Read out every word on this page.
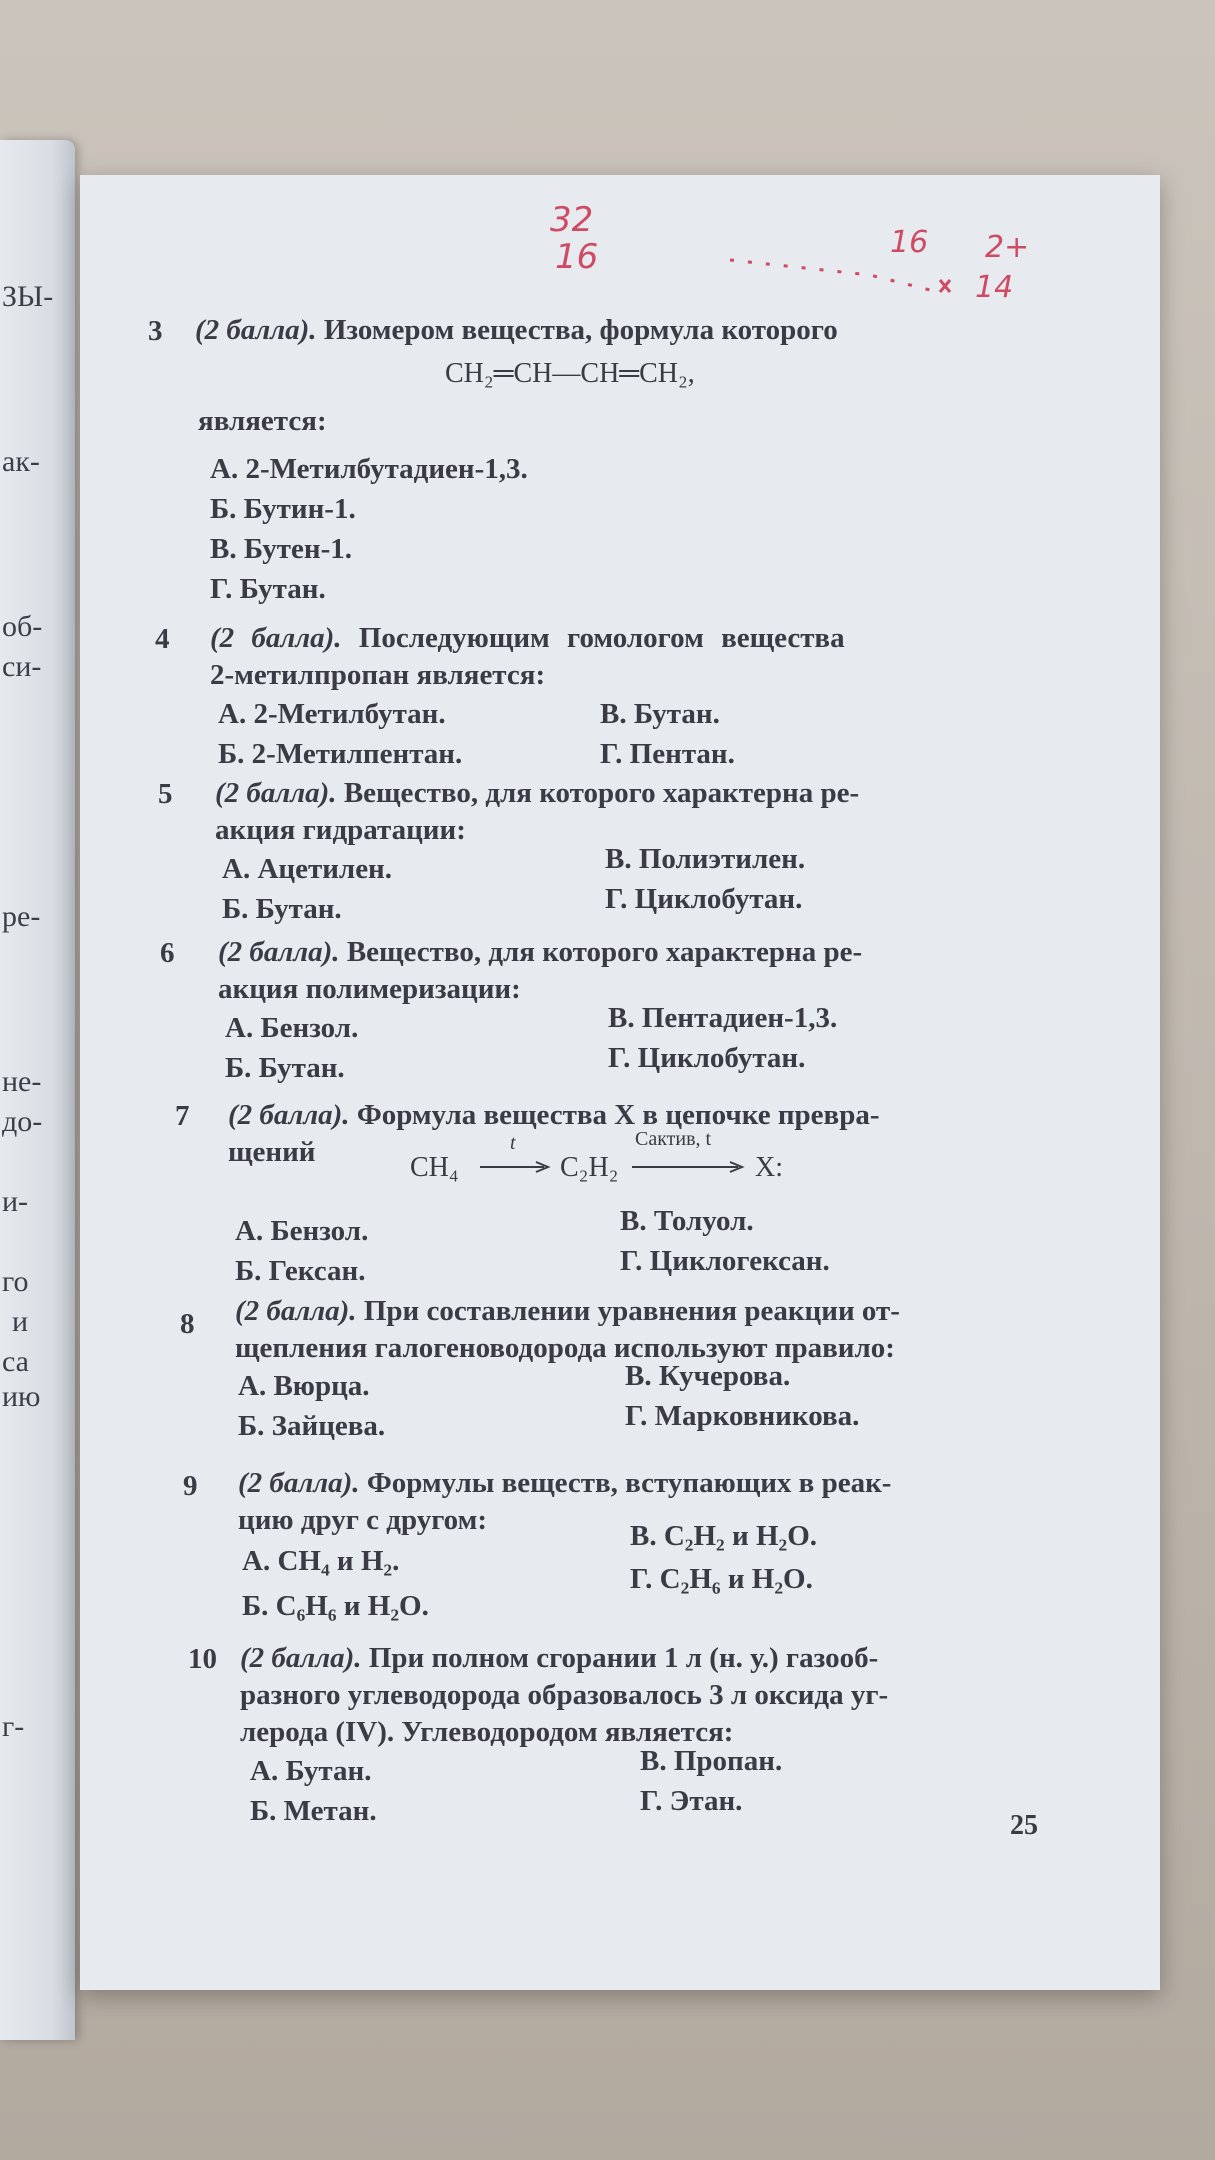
ЗЫ-
ак-
об-
си-
ре-
не-
до-
и-
го
и
са
ию
г-
32
16	16 2+
14
3 (2 балла). Изомером вещества, формула которого
CH₂═CH—CH═CH₂,
является:
А. 2-Метилбутадиен-1,3.
Б. Бутин-1.
В. Бутен-1.
Г. Бутан.
4 (2 балла). Последующим гомологом вещества
2-метилпропан является:
А. 2-Метилбутан.
Б. 2-Метилпентан.
В. Бутан.
Г. Пентан.
5 (2 балла). Вещество, для которого характерна ре-
акция гидратации:
А. Ацетилен.
Б. Бутан.
В. Полиэтилен.
Г. Циклобутан.
6 (2 балла). Вещество, для которого характерна ре-
акция полимеризации:
А. Бензол.
Б. Бутан.
В. Пентадиен-1,3.
Г. Циклобутан.
7 (2 балла). Формула вещества X в цепочке превра-
щений	CH₄
t
C₂H₂
Cактив, t
X:
А. Бензол.
Б. Гексан.
В. Толуол.
Г. Циклогексан.
8 (2 балла). При составлении уравнения реакции от-
щепления галогеноводорода используют правило:
А. Вюрца.
Б. Зайцева.
В. Кучерова.
Г. Марковникова.
9 (2 балла). Формулы веществ, вступающих в реак-
цию друг с другом:
А. CH₄ и H₂.
Б. C₆H₆ и H₂O.
В. C₂H₂ и H₂O.
Г. C₂H₆ и H₂O.
10 (2 балла). При полном сгорании 1 л (н. у.) газооб-
разного углеводорода образовалось 3 л оксида уг-
лерода (IV). Углеводородом является:
А. Бутан.
Б. Метан.
В. Пропан.
Г. Этан.
25
